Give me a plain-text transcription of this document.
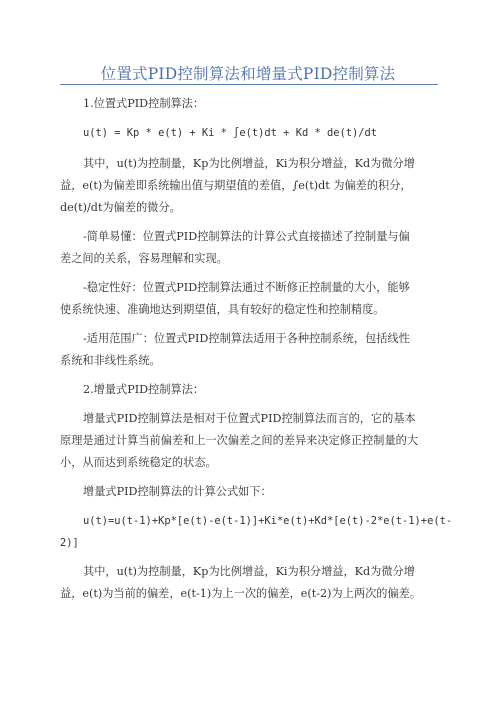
位置式PID控制算法和增量式PID控制算法
1.位置式PID控制算法：
u(t) = Kp * e(t) + Ki * ∫e(t)dt + Kd * de(t)/dt
其中，u(t)为控制量，Kp为比例增益，Ki为积分增益，Kd为微分增
益，e(t)为偏差即系统输出值与期望值的差值，∫e(t)dt 为偏差的积分，
de(t)/dt为偏差的微分。
-简单易懂：位置式PID控制算法的计算公式直接描述了控制量与偏
差之间的关系，容易理解和实现。
-稳定性好：位置式PID控制算法通过不断修正控制量的大小，能够
使系统快速、准确地达到期望值，具有较好的稳定性和控制精度。
-适用范围广：位置式PID控制算法适用于各种控制系统，包括线性
系统和非线性系统。
2.增量式PID控制算法：
增量式PID控制算法是相对于位置式PID控制算法而言的，它的基本
原理是通过计算当前偏差和上一次偏差之间的差异来决定修正控制量的大
小，从而达到系统稳定的状态。
增量式PID控制算法的计算公式如下：
u(t)=u(t-1)+Kp*[e(t)-e(t-1)]+Ki*e(t)+Kd*[e(t)-2*e(t-1)+e(t-
2)]
其中，u(t)为控制量，Kp为比例增益，Ki为积分增益，Kd为微分增
益，e(t)为当前的偏差，e(t-1)为上一次的偏差，e(t-2)为上两次的偏差。
